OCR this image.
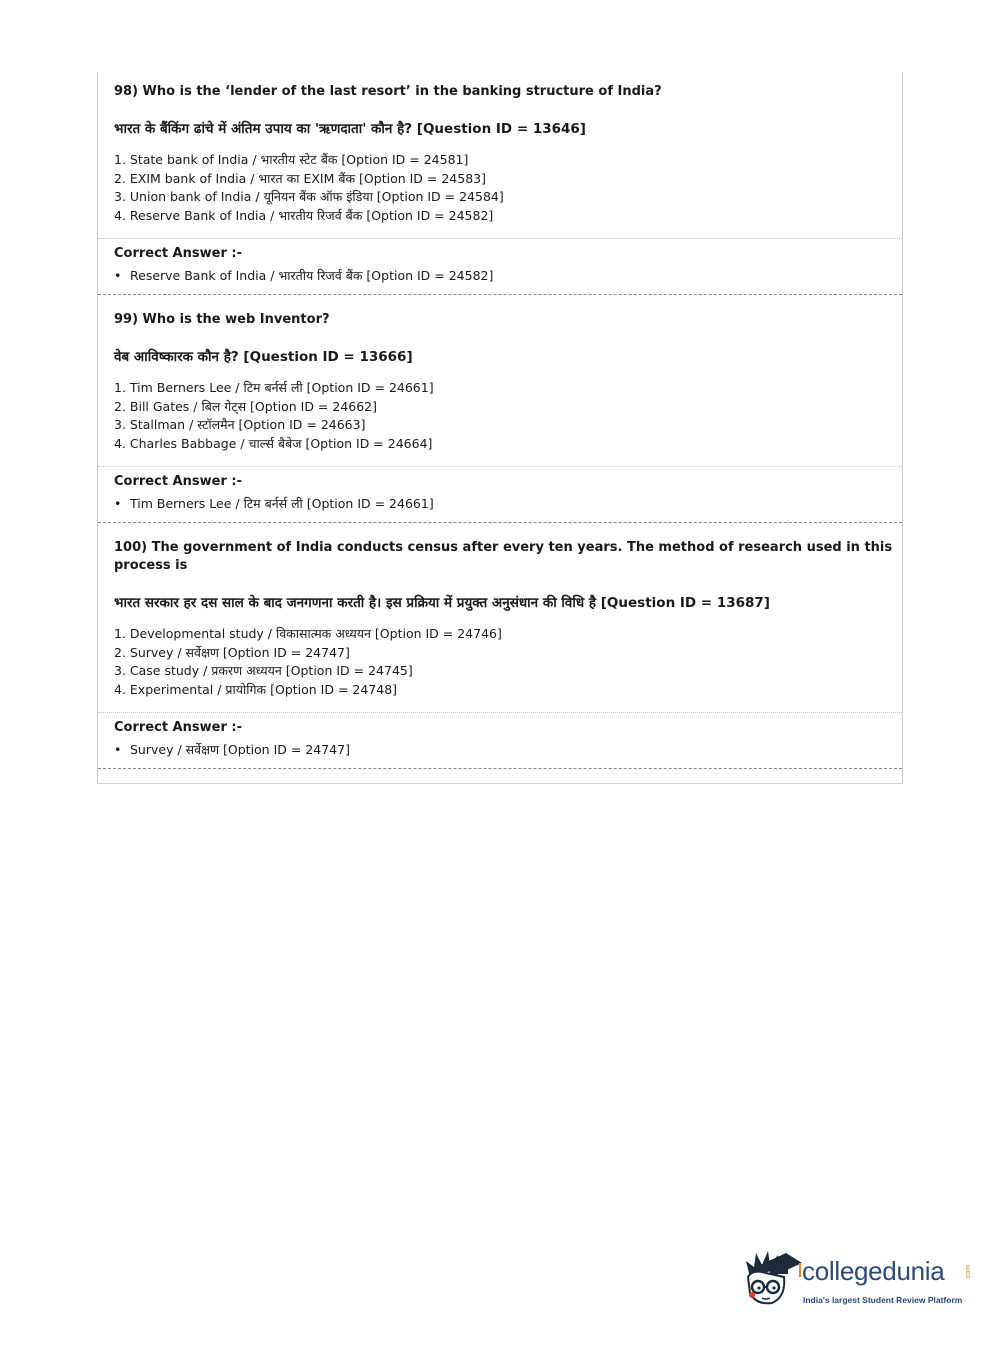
98) Who is the ‘lender of the last resort’ in the banking structure of India?
भारत के बैंकिंग ढांचे में अंतिम उपाय का 'ऋणदाता' कौन है? [Question ID = 13646]
1. State bank of India / भारतीय स्टेट बैंक [Option ID = 24581]
2. EXIM bank of India / भारत का EXIM बैंक [Option ID = 24583]
3. Union bank of India / यूनियन बैंक ऑफ इंडिया [Option ID = 24584]
4. Reserve Bank of India / भारतीय रिजर्व बैंक [Option ID = 24582]
Correct Answer :-
• Reserve Bank of India / भारतीय रिजर्व बैंक [Option ID = 24582]
99) Who is the web Inventor?
वेब आविष्कारक कौन है? [Question ID = 13666]
1. Tim Berners Lee / टिम बर्नर्स ली [Option ID = 24661]
2. Bill Gates / बिल गेट्स [Option ID = 24662]
3. Stallman / स्टॉलमैन [Option ID = 24663]
4. Charles Babbage / चार्ल्स बैबेज [Option ID = 24664]
Correct Answer :-
• Tim Berners Lee / टिम बर्नर्स ली [Option ID = 24661]
100) The government of India conducts census after every ten years. The method of research used in this process is
भारत सरकार हर दस साल के बाद जनगणना करती है। इस प्रक्रिया में प्रयुक्त अनुसंधान की विधि है [Question ID = 13687]
1. Developmental study / विकासात्मक अध्ययन [Option ID = 24746]
2. Survey / सर्वेक्षण [Option ID = 24747]
3. Case study / प्रकरण अध्ययन [Option ID = 24745]
4. Experimental / प्रायोगिक [Option ID = 24748]
Correct Answer :-
• Survey / सर्वेक्षण [Option ID = 24747]
collegedunia	.com
India's largest Student Review Platform
